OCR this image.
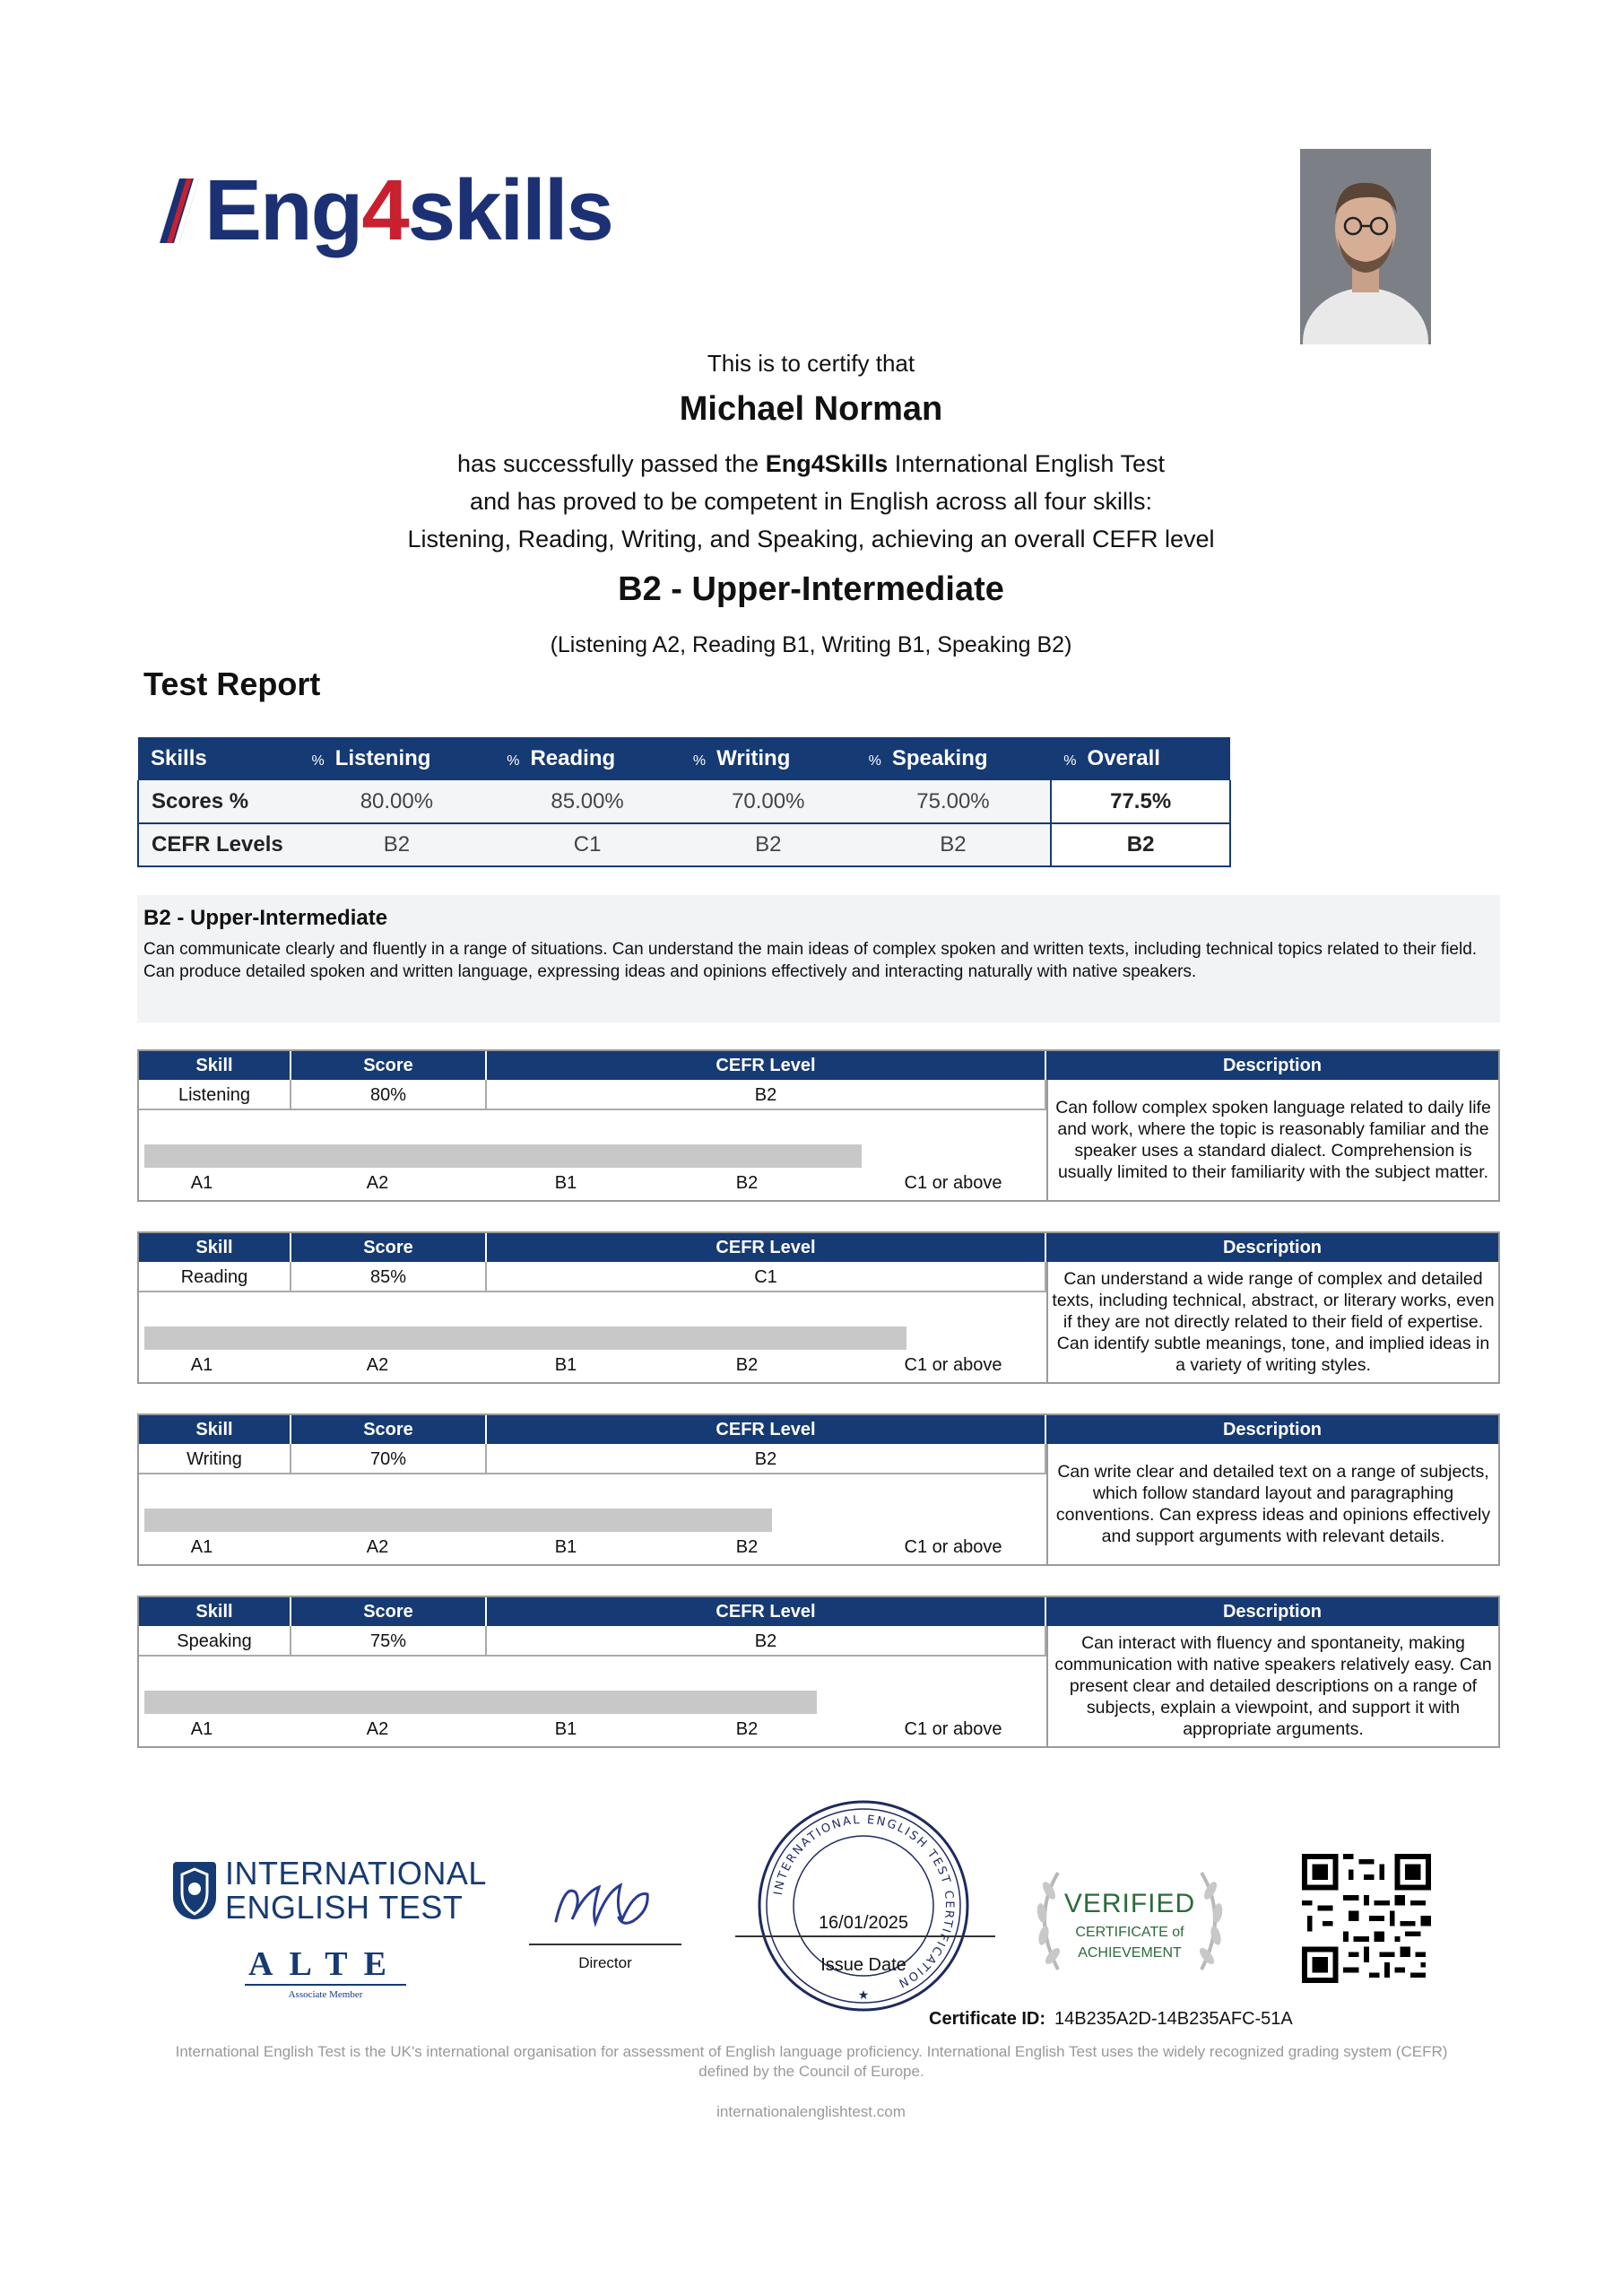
Eng4skills
This is to certify that
Michael Norman
has successfully passed the Eng4Skills International English Test
and has proved to be competent in English across all four skills:
Listening, Reading, Writing, and Speaking, achieving an overall CEFR level
B2 - Upper-Intermediate
(Listening A2, Reading B1, Writing B1, Speaking B2)
Test Report
Skills	% Listening	% Reading	% Writing	% Speaking	% Overall
Scores %	80.00%	85.00%	70.00%	75.00%	77.5%
CEFR Levels	B2	C1	B2	B2	B2
B2 - Upper-Intermediate
Can communicate clearly and fluently in a range of situations. Can understand the main ideas of complex spoken and written texts, including technical topics related to their field. Can produce detailed spoken and written language, expressing ideas and opinions effectively and interacting naturally with native speakers.
Skill	Score	CEFR Level	Description
Listening	80%	B2
A1	A2	B1	B2	C1 or above
Can follow complex spoken language related to daily life and work, where the topic is reasonably familiar and the speaker uses a standard dialect. Comprehension is usually limited to their familiarity with the subject matter.
Skill	Score	CEFR Level	Description
Reading	85%	C1
A1	A2	B1	B2	C1 or above
Can understand a wide range of complex and detailed texts, including technical, abstract, or literary works, even if they are not directly related to their field of expertise. Can identify subtle meanings, tone, and implied ideas in a variety of writing styles.
Skill	Score	CEFR Level	Description
Writing	70%	B2
A1	A2	B1	B2	C1 or above
Can write clear and detailed text on a range of subjects, which follow standard layout and paragraphing conventions. Can express ideas and opinions effectively and support arguments with relevant details.
Skill	Score	CEFR Level	Description
Speaking	75%	B2
A1	A2	B1	B2	C1 or above
Can interact with fluency and spontaneity, making communication with native speakers relatively easy. Can present clear and detailed descriptions on a range of subjects, explain a viewpoint, and support it with appropriate arguments.
INTERNATIONAL
ENGLISH TEST
ALTE
Associate Member
Director
INTERNATIONAL ENGLISH TEST CERTIFICATION
★
16/01/2025
Issue Date
VERIFIED
CERTIFICATE of
ACHIEVEMENT
Certificate ID: 14B235A2D-14B235AFC-51A
International English Test is the UK's international organisation for assessment of English language proficiency. International English Test uses the widely recognized grading system (CEFR) defined by the Council of Europe.
internationalenglishtest.com
